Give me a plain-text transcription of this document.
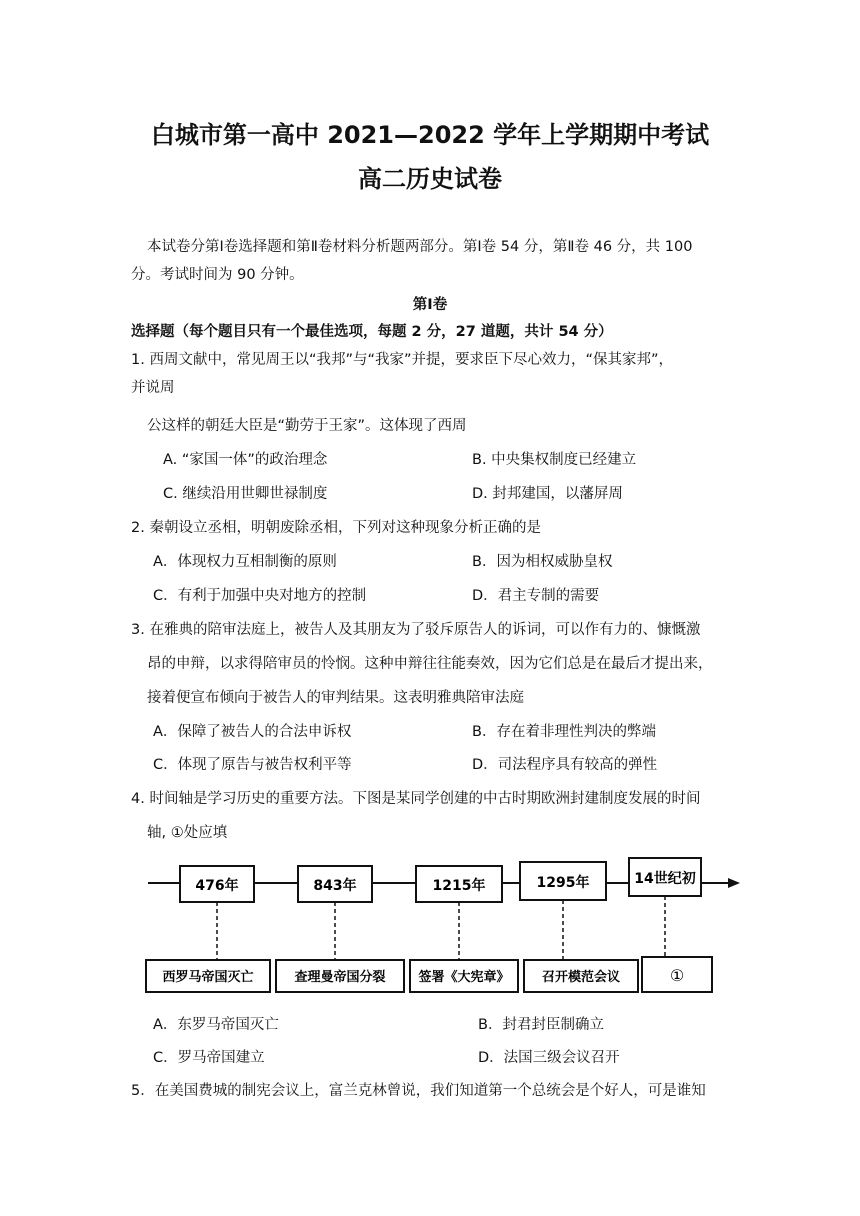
白城市第一高中 2021—2022 学年上学期期中考试
高二历史试卷
本试卷分第Ⅰ卷选择题和第Ⅱ卷材料分析题两部分。第Ⅰ卷 54 分，第Ⅱ卷 46 分，共 100
分。考试时间为 90 分钟。
第Ⅰ卷
选择题（每个题目只有一个最佳选项，每题 2 分，27 道题，共计 54 分）
1. 西周文献中，常见周王以“我邦”与“我家”并提，要求臣下尽心效力，“保其家邦”，
并说周
公这样的朝廷大臣是“勤劳于王家”。这体现了西周
A. “家国一体”的政治理念	B. 中央集权制度已经建立
C. 继续沿用世卿世禄制度	D. 封邦建国，以藩屏周
2. 秦朝设立丞相，明朝废除丞相，下列对这种现象分析正确的是
A．体现权力互相制衡的原则	B．因为相权威胁皇权
C．有利于加强中央对地方的控制	D．君主专制的需要
3. 在雅典的陪审法庭上，被告人及其朋友为了驳斥原告人的诉词，可以作有力的、慷慨激
昂的申辩，以求得陪审员的怜悯。这种申辩往往能奏效，因为它们总是在最后才提出来，
接着便宣布倾向于被告人的审判结果。这表明雅典陪审法庭
A．保障了被告人的合法申诉权	B．存在着非理性判决的弊端
C．体现了原告与被告权利平等	D．司法程序具有较高的弹性
4. 时间轴是学习历史的重要方法。下图是某同学创建的中古时期欧洲封建制度发展的时间
轴, ①处应填
476年	843年	1215年	1295年	14世纪初
西罗马帝国灭亡	查理曼帝国分裂	签署《大宪章》 召开模范会议	①
A．东罗马帝国灭亡	B．封君封臣制确立
C．罗马帝国建立	D．法国三级会议召开
5．在美国费城的制宪会议上，富兰克林曾说，我们知道第一个总统会是个好人，可是谁知
